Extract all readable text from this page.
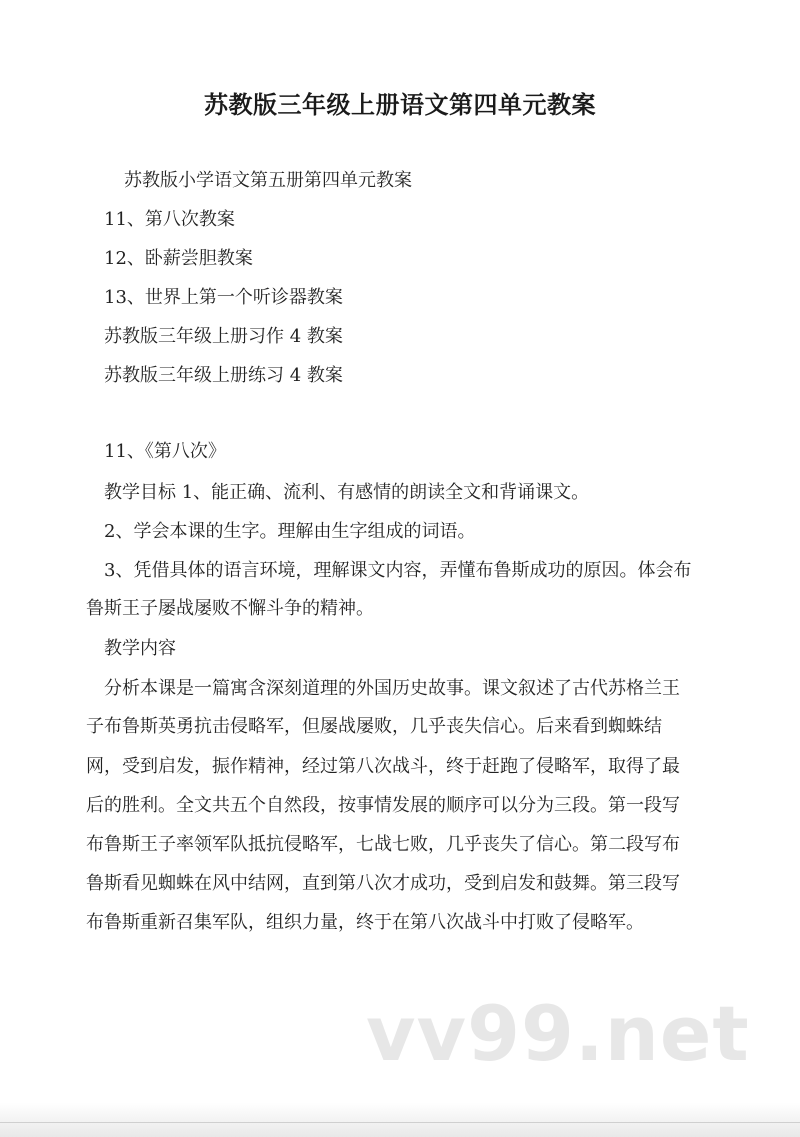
苏教版三年级上册语文第四单元教案
苏教版小学语文第五册第四单元教案
11、第八次教案
12、卧薪尝胆教案
13、世界上第一个听诊器教案
苏教版三年级上册习作 4 教案
苏教版三年级上册练习 4 教案
11、《第八次》
教学目标 1、能正确、流利、有感情的朗读全文和背诵课文。
2、学会本课的生字。理解由生字组成的词语。
3、凭借具体的语言环境，理解课文内容，弄懂布鲁斯成功的原因。体会布
鲁斯王子屡战屡败不懈斗争的精神。
教学内容
分析本课是一篇寓含深刻道理的外国历史故事。课文叙述了古代苏格兰王
子布鲁斯英勇抗击侵略军，但屡战屡败，几乎丧失信心。后来看到蜘蛛结
网，受到启发，振作精神，经过第八次战斗，终于赶跑了侵略军，取得了最
后的胜利。全文共五个自然段，按事情发展的顺序可以分为三段。第一段写
布鲁斯王子率领军队抵抗侵略军，七战七败，几乎丧失了信心。第二段写布
鲁斯看见蜘蛛在风中结网，直到第八次才成功，受到启发和鼓舞。第三段写
布鲁斯重新召集军队，组织力量，终于在第八次战斗中打败了侵略军。
vv99.net
